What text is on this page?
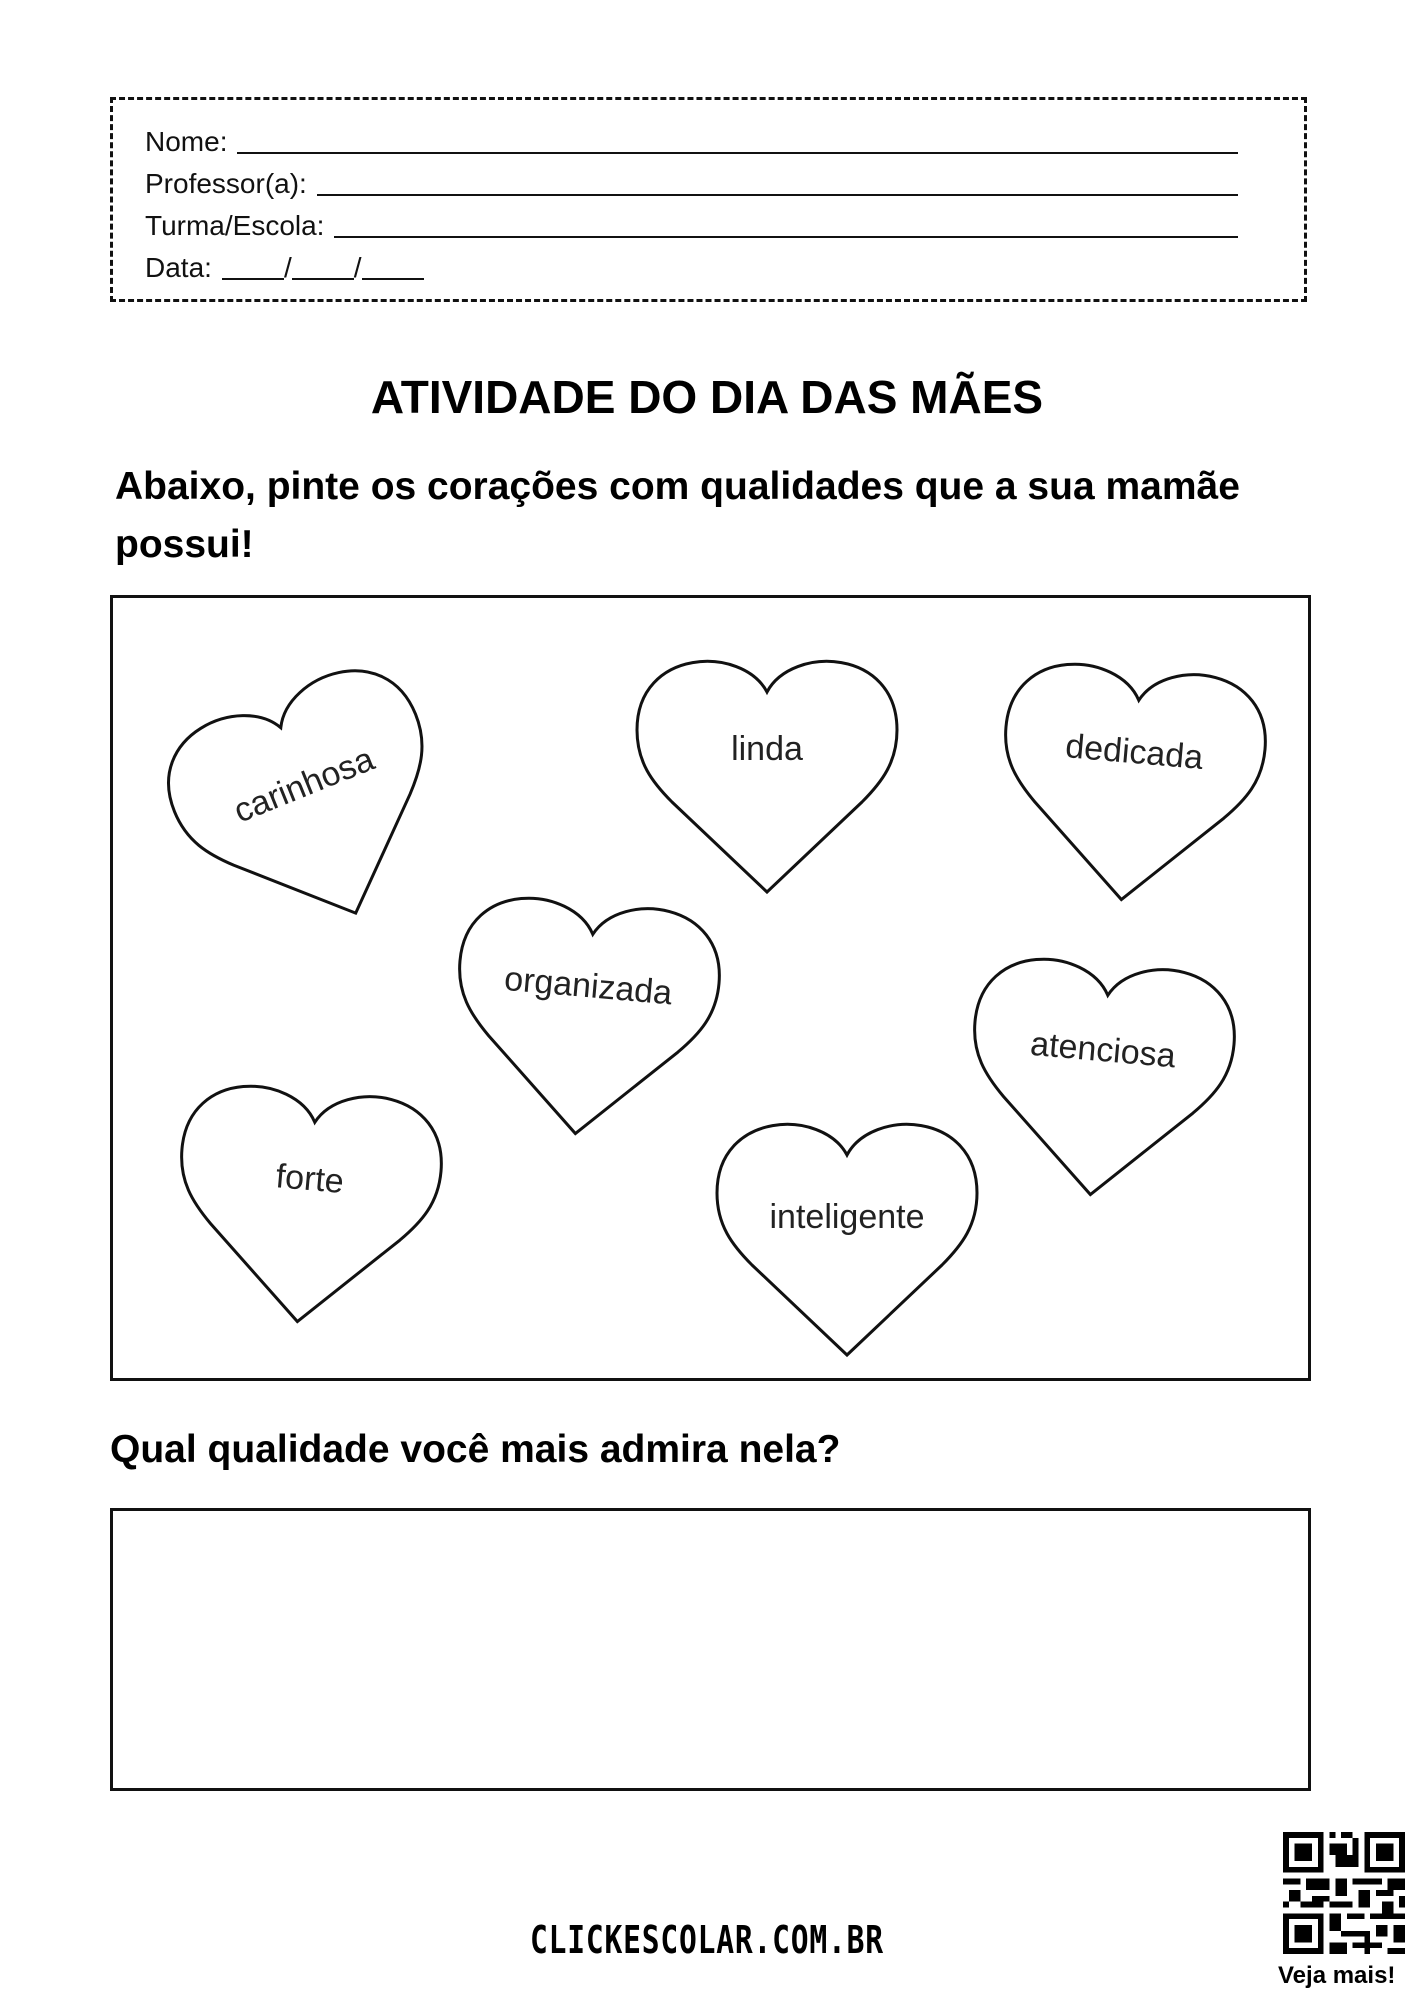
Nome:
Professor(a):
Turma/Escola:
Data:	/ /
ATIVIDADE DO DIA DAS MÃES
Abaixo, pinte os corações com qualidades que a sua mamãe possui!
carinhosa	linda	dedicada
organizada
atenciosa
forte
inteligente
Qual qualidade você mais admira nela?
CLICKESCOLAR.COM.BR
Veja mais!
